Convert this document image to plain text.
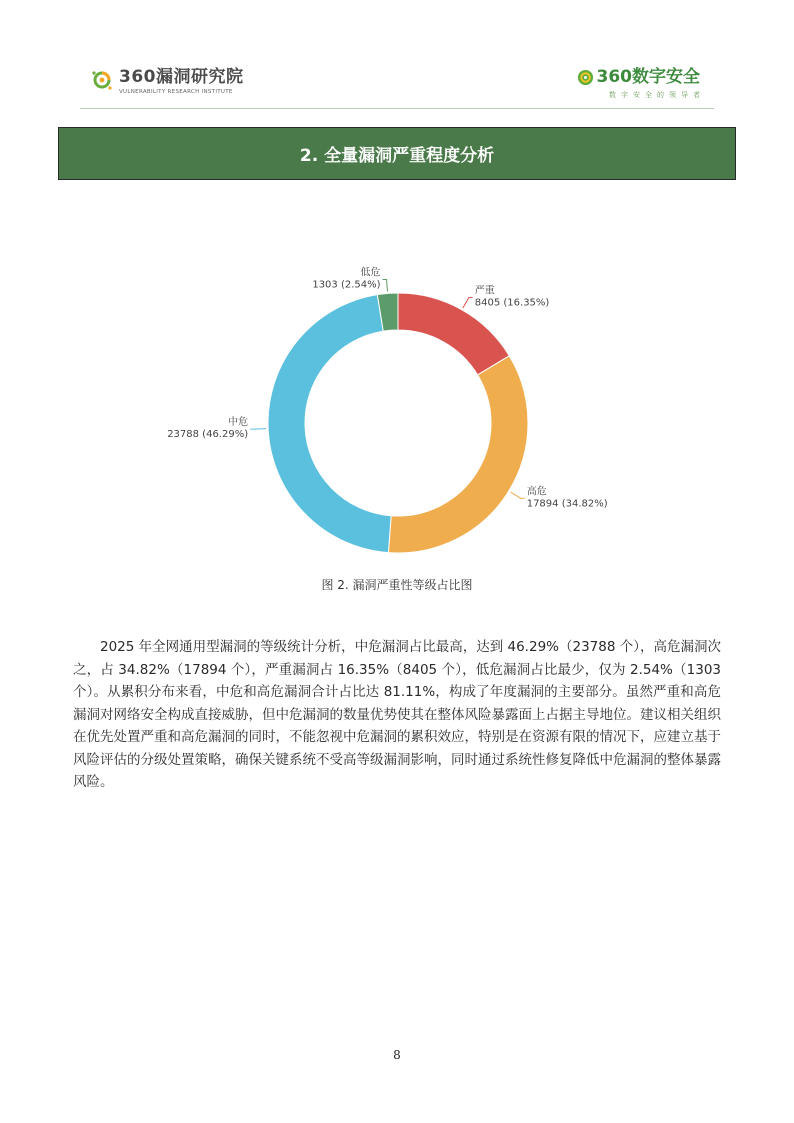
360漏洞研究院
VULNERABILITY RESEARCH INSTITUTE
360数字安全
数字安全的领导者
2. 全量漏洞严重程度分析
严重
8405 (16.35%)
高危
17894 (34.82%)
中危
23788 (46.29%)
低危
1303 (2.54%)
图 2. 漏洞严重性等级占比图

2025 年全网通用型漏洞的等级统计分析，中危漏洞占比最高，达到 46.29%（23788 个），高危漏洞次之，占 34.82%（17894 个），严重漏洞占 16.35%（8405 个），低危漏洞占比最少，仅为 2.54%（1303 个）。从累积分布来看，中危和高危漏洞合计占比达 81.11%，构成了年度漏洞的主要部分。虽然严重和高危漏洞对网络安全构成直接威胁，但中危漏洞的数量优势使其在整体风险暴露面上占据主导地位。建议相关组织在优先处置严重和高危漏洞的同时，不能忽视中危漏洞的累积效应，特别是在资源有限的情况下，应建立基于风险评估的分级处置策略，确保关键系统不受高等级漏洞影响，同时通过系统性修复降低中危漏洞的整体暴露风险。

8
